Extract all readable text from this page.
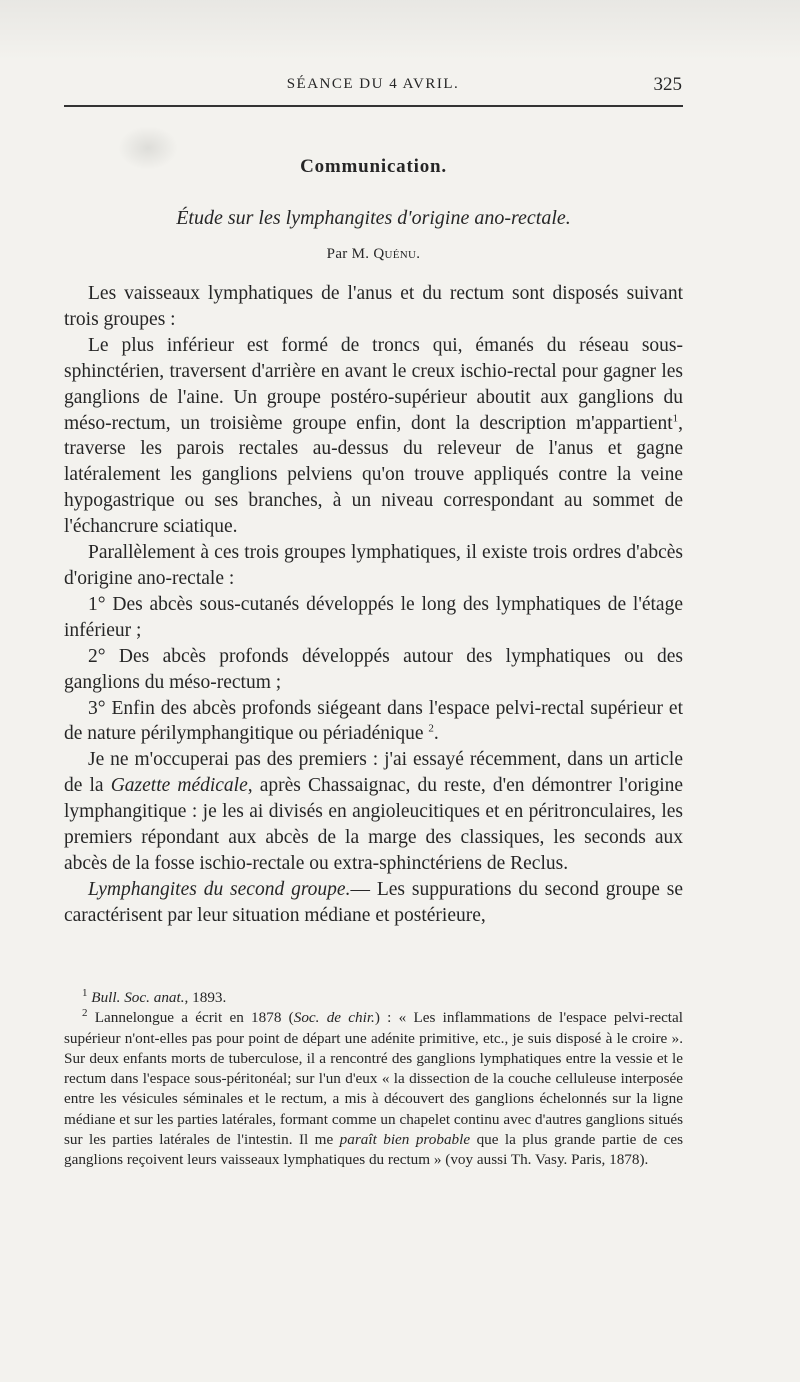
SÉANCE DU 4 AVRIL.	325
Communication.
Étude sur les lymphangites d'origine ano-rectale.
Par M. Quénu.

Les vaisseaux lymphatiques de l'anus et du rectum sont disposés suivant trois groupes :

Le plus inférieur est formé de troncs qui, émanés du réseau sous-sphinctérien, traversent d'arrière en avant le creux ischio-rectal pour gagner les ganglions de l'aine. Un groupe postéro-supérieur aboutit aux ganglions du méso-rectum, un troisième groupe enfin, dont la description m'appartient$^1$, traverse les parois rectales au-dessus du releveur de l'anus et gagne latéralement les ganglions pelviens qu'on trouve appliqués contre la veine hypogastrique ou ses branches, à un niveau correspondant au sommet de l'échancrure sciatique.

Parallèlement à ces trois groupes lymphatiques, il existe trois ordres d'abcès d'origine ano-rectale :

1° Des abcès sous-cutanés développés le long des lymphatiques de l'étage inférieur ;

2° Des abcès profonds développés autour des lymphatiques ou des ganglions du méso-rectum ;

3° Enfin des abcès profonds siégeant dans l'espace pelvi-rectal supérieur et de nature périlymphangitique ou périadénique $^2$.

Je ne m'occuperai pas des premiers : j'ai essayé récemment, dans un article de la Gazette médicale, après Chassaignac, du reste, d'en démontrer l'origine lymphangitique : je les ai divisés en angioleucitiques et en péritronculaires, les premiers répondant aux abcès de la marge des classiques, les seconds aux abcès de la fosse ischio-rectale ou extra-sphinctériens de Reclus.

Lymphangites du second groupe.— Les suppurations du second groupe se caractérisent par leur situation médiane et postérieure,

$^1$ Bull. Soc. anat., 1893.

$^2$ Lannelongue a écrit en 1878 (Soc. de chir.) : « Les inflammations de l'espace pelvi-rectal supérieur n'ont-elles pas pour point de départ une adénite primitive, etc., je suis disposé à le croire ». Sur deux enfants morts de tuberculose, il a rencontré des ganglions lymphatiques entre la vessie et le rectum dans l'espace sous-péritonéal; sur l'un d'eux « la dissection de la couche celluleuse interposée entre les vésicules séminales et le rectum, a mis à découvert des ganglions échelonnés sur la ligne médiane et sur les parties latérales, formant comme un chapelet continu avec d'autres ganglions situés sur les parties latérales de l'intestin. Il me paraît bien probable que la plus grande partie de ces ganglions reçoivent leurs vaisseaux lymphatiques du rectum » (voy aussi Th. Vasy. Paris, 1878).
